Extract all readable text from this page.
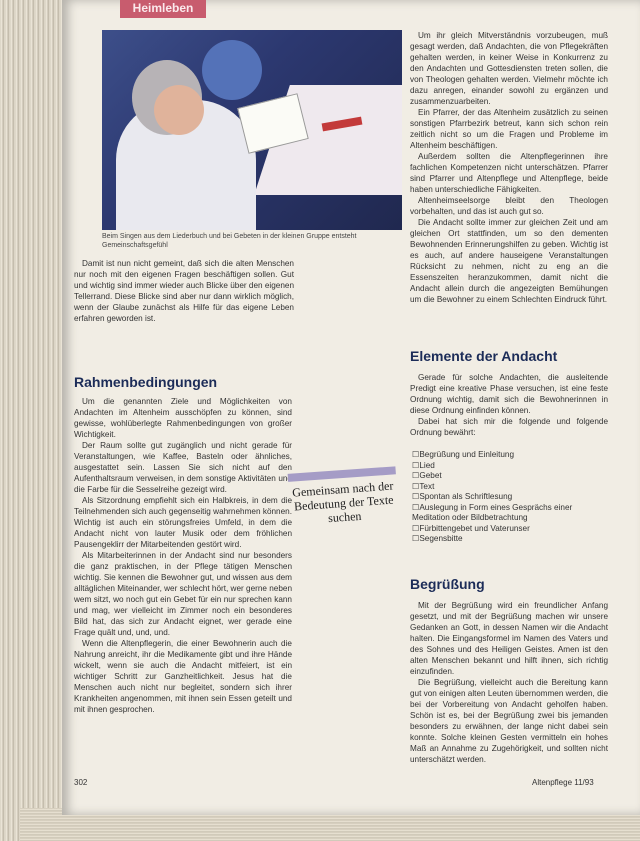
Heimleben
Beim Singen aus dem Liederbuch und bei Gebeten in der kleinen Gruppe entsteht Gemeinschaftsgefühl

Damit ist nun nicht gemeint, daß sich die alten Menschen nur noch mit den eigenen Fragen beschäftigen sollen. Gut und wichtig sind immer wieder auch Blicke über den eigenen Tellerrand. Diese Blicke sind aber nur dann wirklich möglich, wenn der Glaube zunächst als Hilfe für das eigene Leben erfahren geworden ist.

Rahmenbedingungen

Um die genannten Ziele und Möglichkeiten von Andachten im Altenheim ausschöpfen zu können, sind gewisse, wohlüberlegte Rahmenbedingungen von großer Wichtigkeit.

Der Raum sollte gut zugänglich und nicht gerade für Veranstaltungen, wie Kaffee, Basteln oder ähnliches, ausgestattet sein. Lassen Sie sich nicht auf den Aufenthaltsraum verweisen, in dem sonstige Aktivitäten und die Farbe für die Sesselreihe gezeigt wird.

Als Sitzordnung empfiehlt sich ein Halbkreis, in dem die Teilnehmenden sich auch gegenseitig wahrnehmen können. Wichtig ist auch ein störungsfreies Umfeld, in dem die Andacht nicht von lauter Musik oder dem fröhlichen Pausengeklirr der Mitarbeitenden gestört wird.

Als Mitarbeiterinnen in der Andacht sind nur besonders die ganz praktischen, in der Pflege tätigen Menschen wichtig. Sie kennen die Bewohner gut, und wissen aus dem alltäglichen Miteinander, wer schlecht hört, wer gerne neben wem sitzt, wo noch gut ein Gebet für ein nur sprechen kann und mag, wer vielleicht im Zimmer noch ein besonderes Bild hat, das sich zur Andacht eignet, wer gerade eine Frage quält und, und, und.

Wenn die Altenpflegerin, die einer Bewohnerin auch die Nahrung anreicht, ihr die Medikamente gibt und ihre Hände wickelt, wenn sie auch die Andacht mitfeiert, ist ein wichtiger Schritt zur Ganzheitlichkeit. Jesus hat die Menschen auch nicht nur begleitet, sondern sich ihrer Krankheiten angenommen, mit ihnen sein Essen geteilt und mit ihnen gesprochen.

Gemeinsam nach der Bedeutung der Texte suchen

Um ihr gleich Mitverständnis vorzubeugen, muß gesagt werden, daß Andachten, die von Pflegekräften gehalten werden, in keiner Weise in Konkurrenz zu den Andachten und Gottesdiensten treten sollen, die von Theologen gehalten werden. Vielmehr möchte ich dazu anregen, einander sowohl zu ergänzen und zusammenzuarbeiten.

Ein Pfarrer, der das Altenheim zusätzlich zu seinen sonstigen Pfarrbezirk betreut, kann sich schon rein zeitlich nicht so um die Fragen und Probleme im Altenheim beschäftigen.

Außerdem sollten die Altenpflegerinnen ihre fachlichen Kompetenzen nicht unterschätzen. Pfarrer sind Pfarrer und Altenpflege und Altenpflege, beide haben unterschiedliche Fähigkeiten.

Altenheimseelsorge bleibt den Theologen vorbehalten, und das ist auch gut so.

Die Andacht sollte immer zur gleichen Zeit und am gleichen Ort stattfinden, um so den dementen Bewohnenden Erinnerungshilfen zu geben. Wichtig ist es auch, auf andere hauseigene Veranstaltungen Rücksicht zu nehmen, nicht zu eng an die Essenszeiten heranzukommen, damit nicht die Andacht allein durch die angezeigten Bemühungen um die Bewohner zu einem Schlechten Eindruck führt.

Elemente der Andacht

Gerade für solche Andachten, die ausleitende Predigt eine kreative Phase versuchen, ist eine feste Ordnung wichtig, damit sich die Bewohnerinnen in diese Ordnung einfinden können.

Dabei hat sich mir die folgende und folgende Ordnung bewährt:

☐ Begrüßung und Einleitung
☐ Lied
☐ Gebet
☐ Text
☐ Spontan als Schriftlesung
☐ Auslegung in Form eines Gesprächs einer Meditation oder Bildbetrachtung
☐ Fürbittengebet und Vaterunser
☐ Segensbitte
Begrüßung

Mit der Begrüßung wird ein freundlicher Anfang gesetzt, und mit der Begrüßung machen wir unsere Gedanken an Gott, in dessen Namen wir die Andacht halten. Die Eingangsformel im Namen des Vaters und des Sohnes und des Heiligen Geistes. Amen ist den alten Menschen bekannt und hilft ihnen, sich richtig einzufinden.

Die Begrüßung, vielleicht auch die Bereitung kann gut von einigen alten Leuten übernommen werden, die bei der Vorbereitung von Andacht geholfen haben. Schön ist es, bei der Begrüßung zwei bis jemanden besonders zu erwähnen, der lange nicht dabei sein konnte. Solche kleinen Gesten vermitteln ein hohes Maß an Annahme zu Zugehörigkeit, und sollten nicht unterschätzt werden.

302	Altenpflege 11/93
